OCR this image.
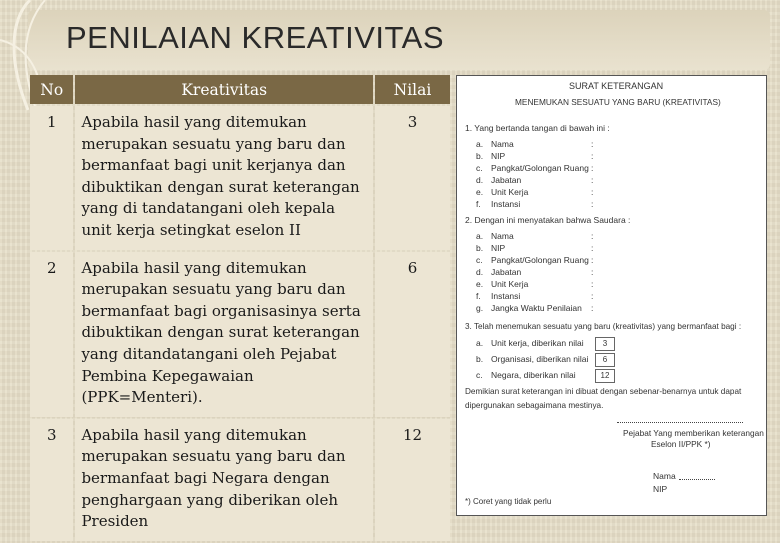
PENILAIAN KREATIVITAS
No	Kreativitas	Nilai
1	Apabila hasil yang ditemukan merupakan sesuatu yang baru dan bermanfaat bagi unit kerjanya dan dibuktikan dengan surat keterangan yang di tandatangani oleh kepala unit kerja setingkat eselon II	3
2	Apabila hasil yang ditemukan merupakan sesuatu yang baru dan bermanfaat bagi organisasinya serta dibuktikan dengan surat keterangan yang ditandatangani oleh Pejabat Pembina Kepegawaian (PPK=Menteri).	6
3	Apabila hasil yang ditemukan merupakan sesuatu yang baru dan bermanfaat bagi Negara dengan penghargaan yang diberikan oleh Presiden	12
SURAT KETERANGAN
MENEMUKAN SESUATU YANG BARU (KREATIVITAS)
1. Yang bertanda tangan di bawah ini :
a. Nama	:
b. NIP	:
c. Pangkat/Golongan Ruang :
d. Jabatan	:
e. Unit Kerja	:
f. Instansi	:
2. Dengan ini menyatakan bahwa Saudara :
a. Nama	:
b. NIP	:
c. Pangkat/Golongan Ruang :
d. Jabatan	:
e. Unit Kerja	:
f. Instansi	:
g. Jangka Waktu Penilaian :
3. Telah menemukan sesuatu yang baru (kreativitas) yang bermanfaat bagi :
a. Unit kerja, diberikan nilai	3
b. Organisasi, diberikan nilai	6
c. Negara, diberikan nilai	12
Demikian surat keterangan ini dibuat dengan sebenar-benarnya untuk dapat
dipergunakan sebagaimana mestinya.
Pejabat Yang memberikan keterangan
Eselon II/PPK *)
Nama
NIP
*) Coret yang tidak perlu
